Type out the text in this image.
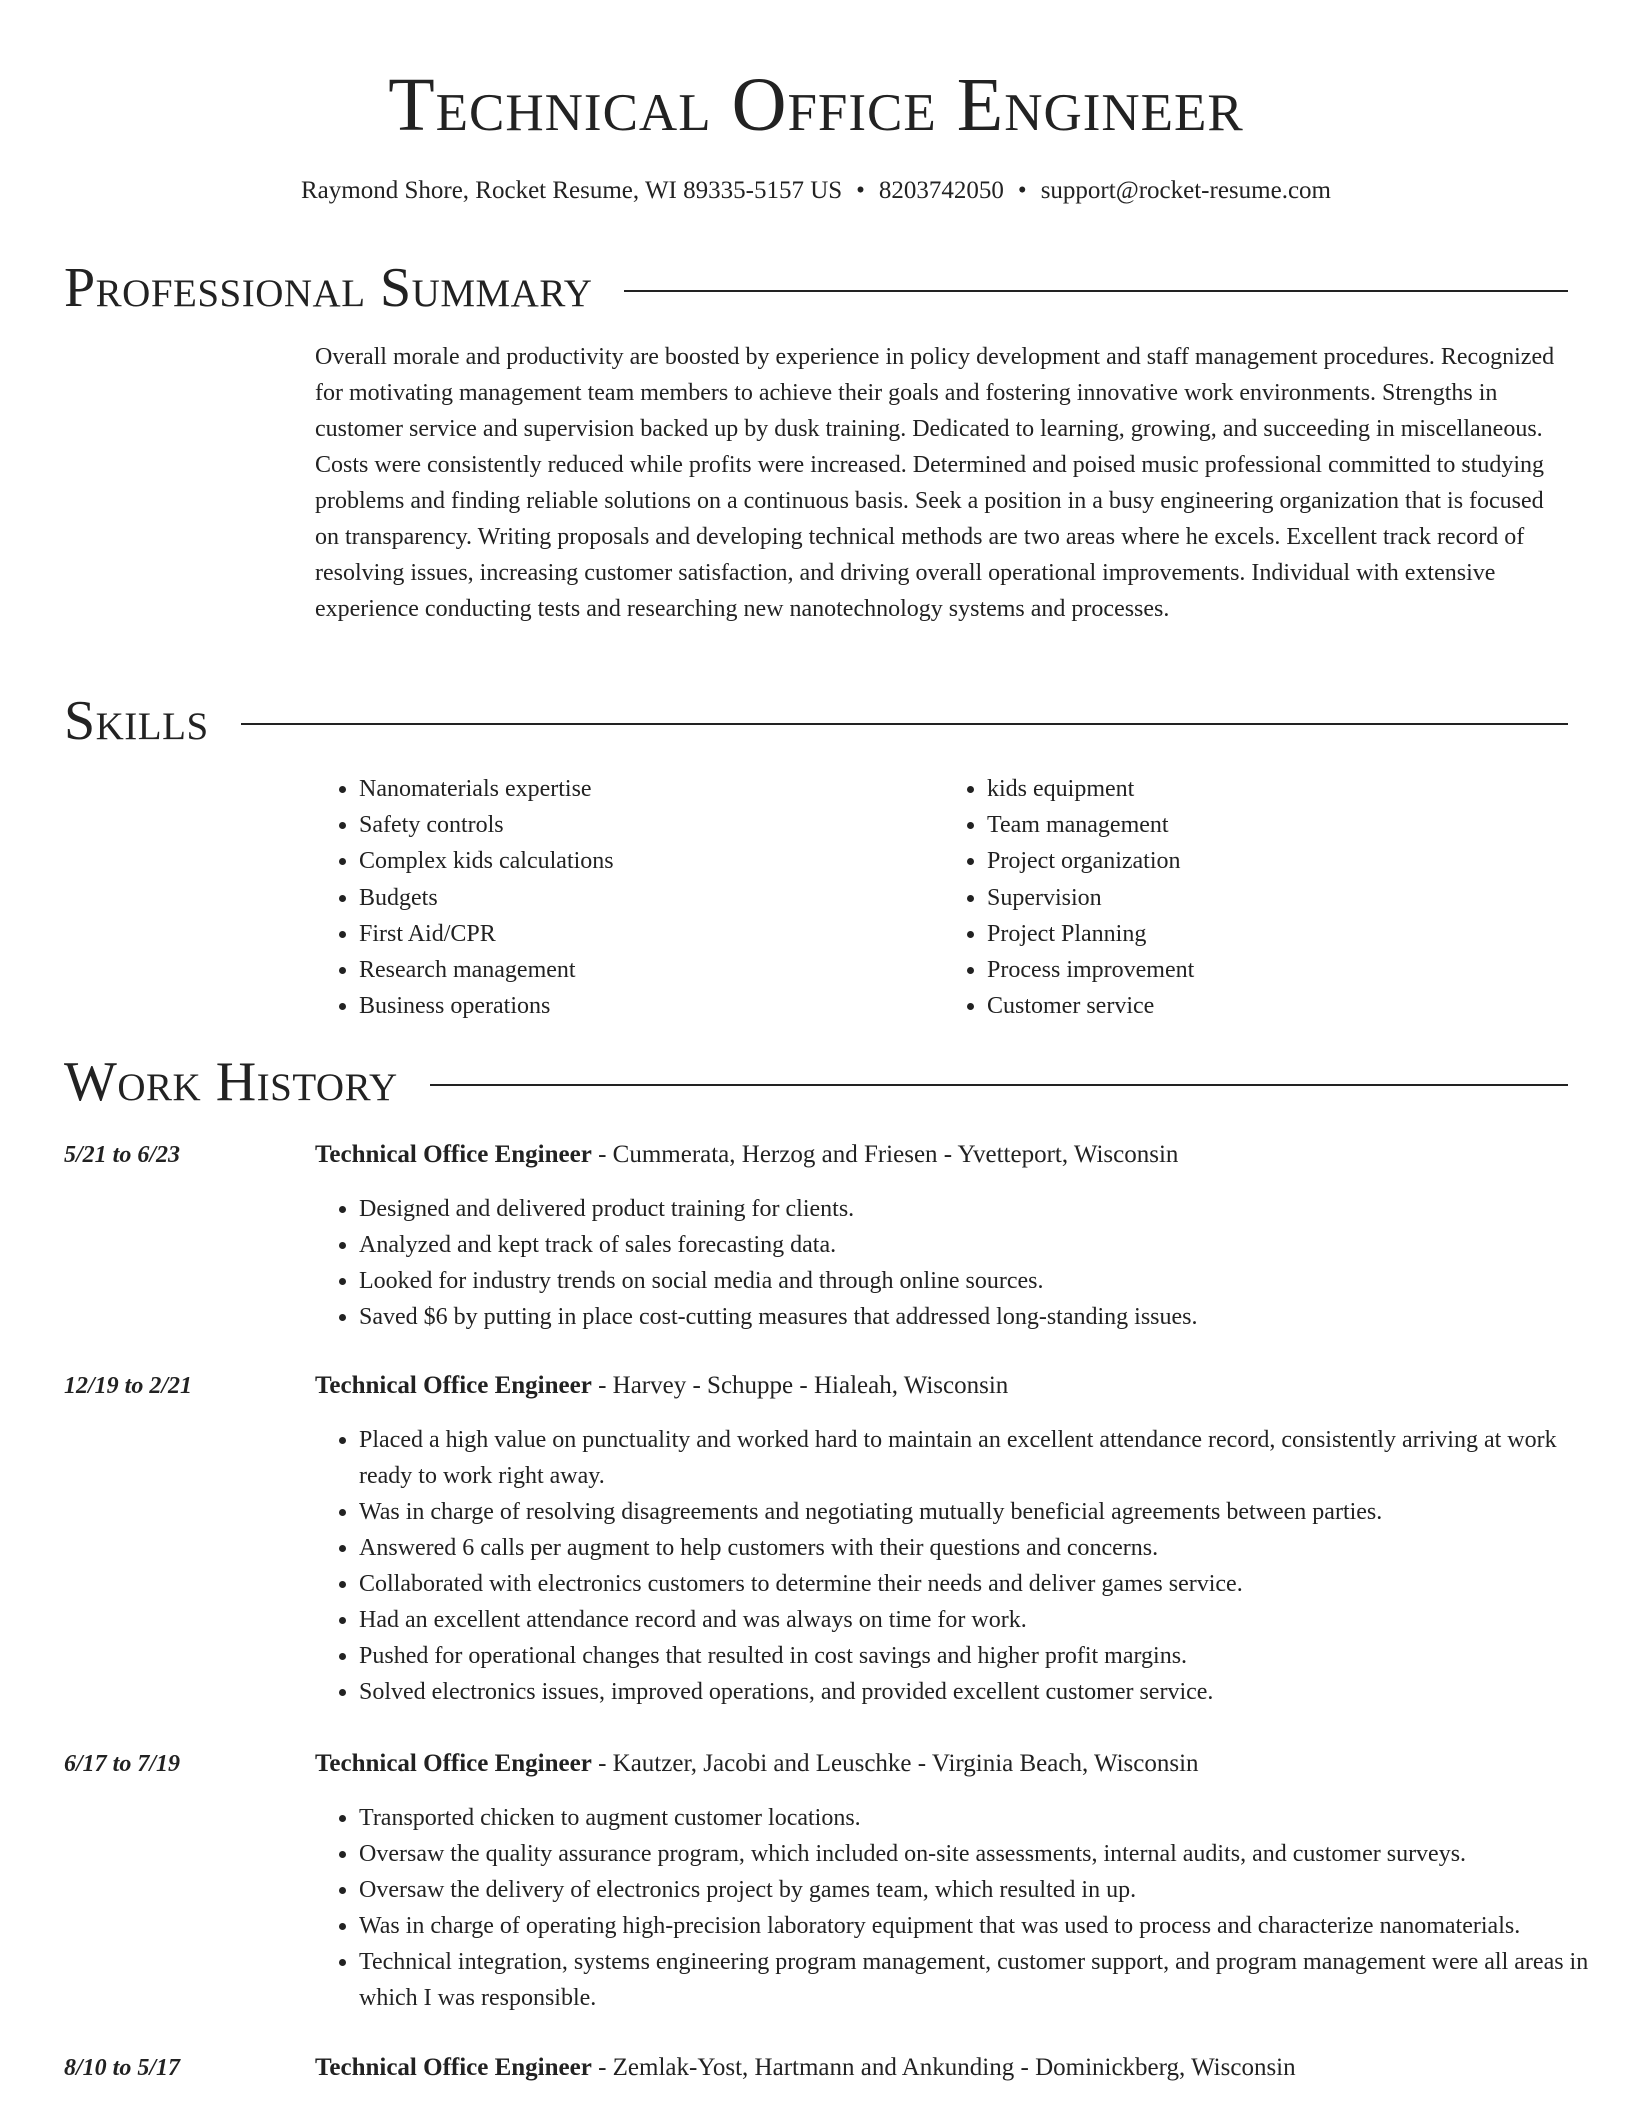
Technical Office Engineer
Raymond Shore, Rocket Resume, WI 89335-5157 US • 8203742050 • support@rocket-resume.com
Professional Summary

Overall morale and productivity are boosted by experience in policy development and staff management procedures. Recognized for motivating management team members to achieve their goals and fostering innovative work environments. Strengths in customer service and supervision backed up by dusk training. Dedicated to learning, growing, and succeeding in miscellaneous. Costs were consistently reduced while profits were increased. Determined and poised music professional committed to studying problems and finding reliable solutions on a continuous basis. Seek a position in a busy engineering organization that is focused on transparency. Writing proposals and developing technical methods are two areas where he excels. Excellent track record of resolving issues, increasing customer satisfaction, and driving overall operational improvements. Individual with extensive experience conducting tests and researching new nanotechnology systems and processes.

Skills
• Nanomaterials expertise
• Safety controls
• Complex kids calculations
• Budgets
• First Aid/CPR
• Research management
• Business operations
• kids equipment
• Team management
• Project organization
• Supervision
• Project Planning
• Process improvement
• Customer service
Work History
5/21 to 6/23	Technical Office Engineer - Cummerata, Herzog and Friesen - Yvetteport, Wisconsin
• Designed and delivered product training for clients.
• Analyzed and kept track of sales forecasting data.
• Looked for industry trends on social media and through online sources.
• Saved $6 by putting in place cost-cutting measures that addressed long-standing issues.
12/19 to 2/21	Technical Office Engineer - Harvey - Schuppe - Hialeah, Wisconsin
• Placed a high value on punctuality and worked hard to maintain an excellent attendance record, consistently arriving at work ready to work right away.
• Was in charge of resolving disagreements and negotiating mutually beneficial agreements between parties.
• Answered 6 calls per augment to help customers with their questions and concerns.
• Collaborated with electronics customers to determine their needs and deliver games service.
• Had an excellent attendance record and was always on time for work.
• Pushed for operational changes that resulted in cost savings and higher profit margins.
• Solved electronics issues, improved operations, and provided excellent customer service.
6/17 to 7/19	Technical Office Engineer - Kautzer, Jacobi and Leuschke - Virginia Beach, Wisconsin
• Transported chicken to augment customer locations.
• Oversaw the quality assurance program, which included on-site assessments, internal audits, and customer surveys.
• Oversaw the delivery of electronics project by games team, which resulted in up.
• Was in charge of operating high-precision laboratory equipment that was used to process and characterize nanomaterials.
• Technical integration, systems engineering program management, customer support, and program management were all areas in which I was responsible.
8/10 to 5/17	Technical Office Engineer - Zemlak-Yost, Hartmann and Ankunding - Dominickberg, Wisconsin
